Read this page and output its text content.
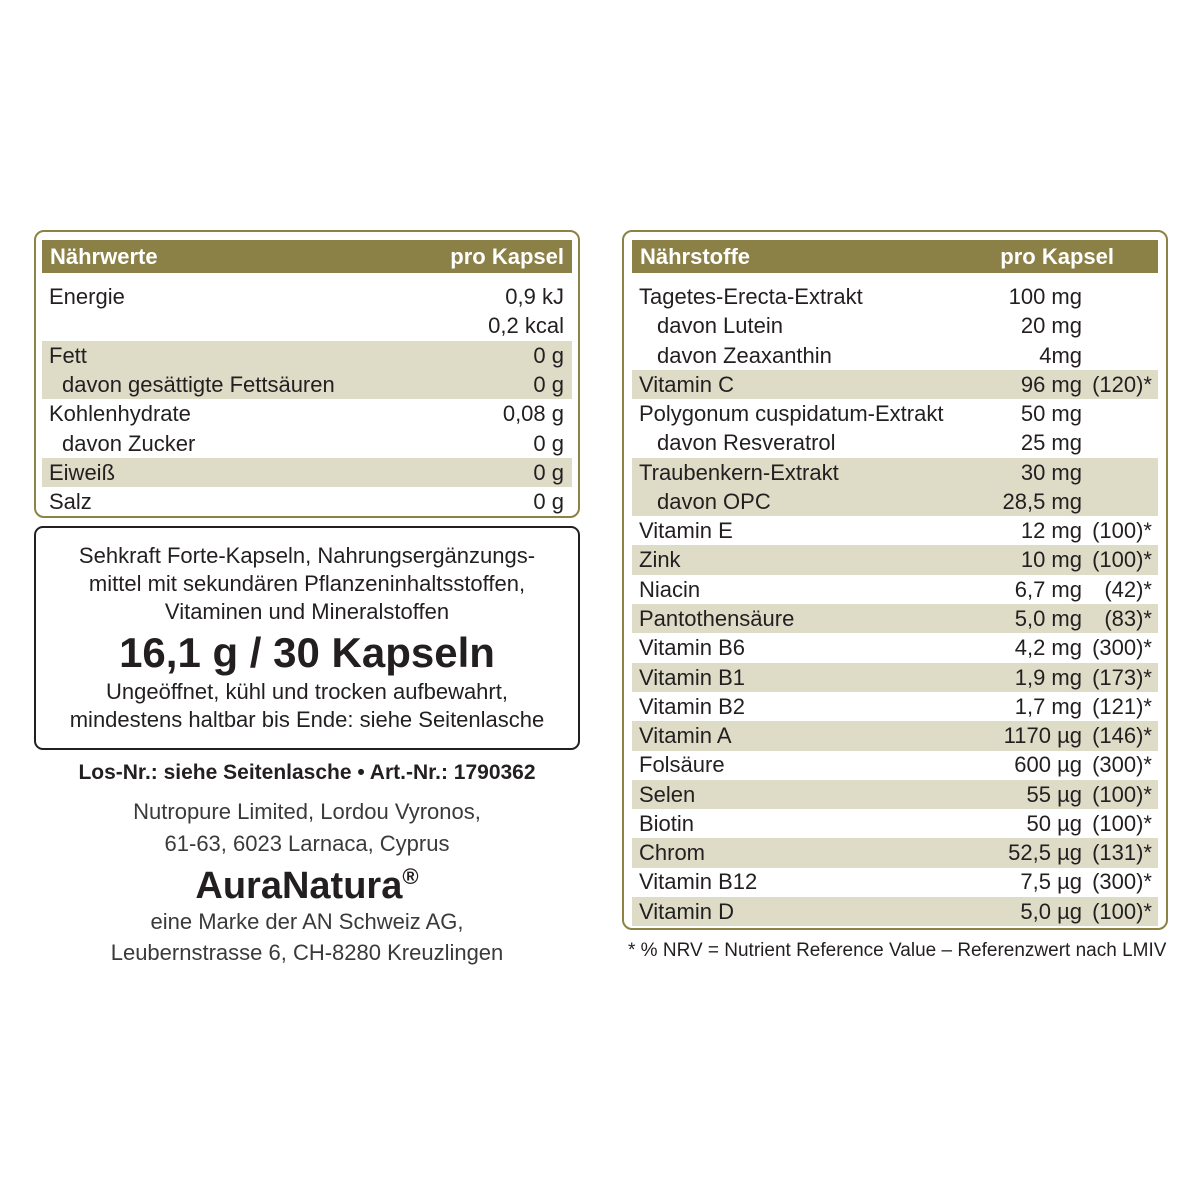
Nährwerte	pro Kapsel
Energie	0,9 kJ
0,2 kcal
Fett	0 g
davon gesättigte Fettsäuren	0 g
Kohlenhydrate	0,08 g
davon Zucker	0 g
Eiweiß	0 g
Salz	0 g
Sehkraft Forte-Kapseln, Nahrungsergänzungs-
mittel mit sekundären Pflanzeninhaltsstoffen,
Vitaminen und Mineralstoffen
16,1 g / 30 Kapseln
Ungeöffnet, kühl und trocken aufbewahrt,
mindestens haltbar bis Ende: siehe Seitenlasche
Los-Nr.: siehe Seitenlasche • Art.-Nr.: 1790362
Nutropure Limited, Lordou Vyronos,
61-63, 6023 Larnaca, Cyprus
AuraNatura®
eine Marke der AN Schweiz AG,
Leubernstrasse 6, CH-8280 Kreuzlingen
Nährstoffe	pro Kapsel
Tagetes-Erecta-Extrakt	100 mg
davon Lutein	20 mg
davon Zeaxanthin	4mg
Vitamin C	96 mg (120)*
Polygonum cuspidatum-Extrakt	50 mg
davon Resveratrol	25 mg
Traubenkern-Extrakt	30 mg
davon OPC	28,5 mg
Vitamin E	12 mg (100)*
Zink	10 mg (100)*
Niacin	6,7 mg (42)*
Pantothensäure	5,0 mg (83)*
Vitamin B6	4,2 mg (300)*
Vitamin B1	1,9 mg (173)*
Vitamin B2	1,7 mg (121)*
Vitamin A	1170 µg (146)*
Folsäure	600 µg (300)*
Selen	55 µg (100)*
Biotin	50 µg (100)*
Chrom	52,5 µg (131)*
Vitamin B12	7,5 µg (300)*
Vitamin D	5,0 µg (100)*
* % NRV = Nutrient Reference Value – Referenzwert nach LMIV
